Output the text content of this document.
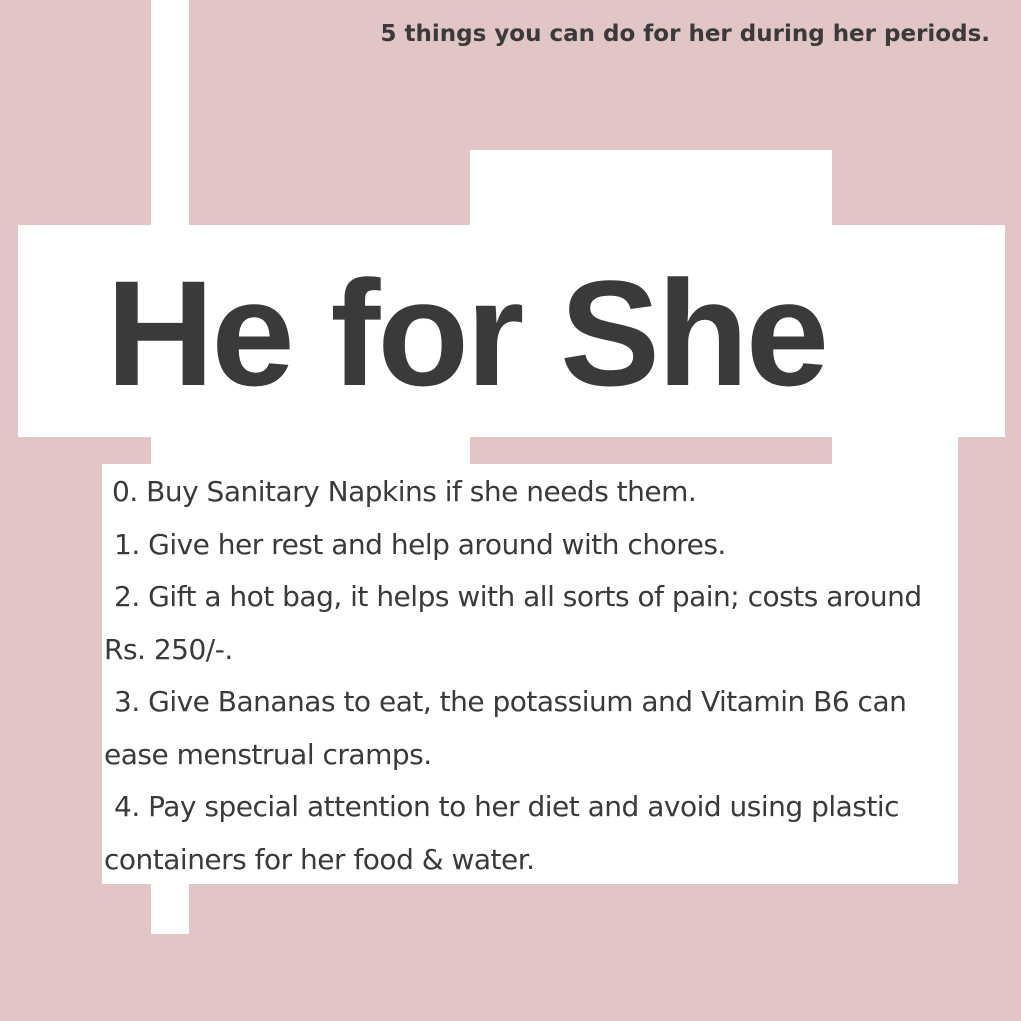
5 things you can do for her during her periods.
He for She
0. Buy Sanitary Napkins if she needs them.
1. Give her rest and help around with chores.
2. Gift a hot bag, it helps with all sorts of pain; costs around Rs. 250/-.
3. Give Bananas to eat, the potassium and Vitamin B6 can ease menstrual cramps.
4. Pay special attention to her diet and avoid using plastic containers for her food & water.
